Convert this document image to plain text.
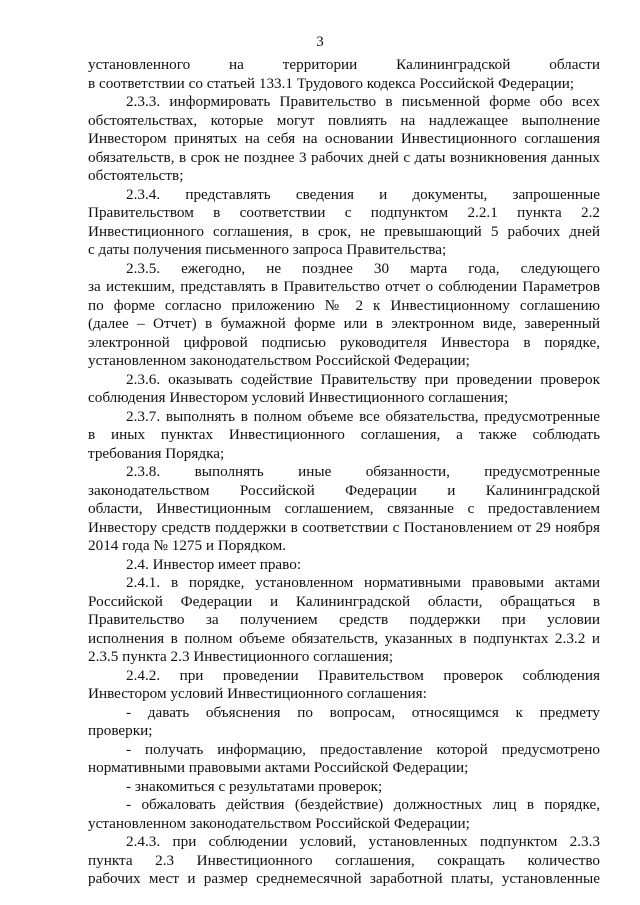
3
установленного на территории Калининградской области
в соответствии со статьей 133.1 Трудового кодекса Российской Федерации;
2.3.3. информировать Правительство в письменной форме обо всех
обстоятельствах, которые могут повлиять на надлежащее выполнение
Инвестором принятых на себя на основании Инвестиционного соглашения
обязательств, в срок не позднее 3 рабочих дней с даты возникновения данных
обстоятельств;
2.3.4. представлять сведения и документы, запрошенные
Правительством в соответствии с подпунктом 2.2.1 пункта 2.2
Инвестиционного соглашения, в срок, не превышающий 5 рабочих дней
с даты получения письменного запроса Правительства;
2.3.5. ежегодно, не позднее 30 марта года, следующего
за истекшим, представлять в Правительство отчет о соблюдении Параметров
по форме согласно приложению № 2 к Инвестиционному соглашению
(далее – Отчет) в бумажной форме или в электронном виде, заверенный
электронной цифровой подписью руководителя Инвестора в порядке,
установленном законодательством Российской Федерации;
2.3.6. оказывать содействие Правительству при проведении проверок
соблюдения Инвестором условий Инвестиционного соглашения;
2.3.7. выполнять в полном объеме все обязательства, предусмотренные
в иных пунктах Инвестиционного соглашения, а также соблюдать
требования Порядка;
2.3.8. выполнять иные обязанности, предусмотренные
законодательством Российской Федерации и Калининградской
области, Инвестиционным соглашением, связанные с предоставлением
Инвестору средств поддержки в соответствии с Постановлением от 29 ноября
2014 года № 1275 и Порядком.
2.4. Инвестор имеет право:
2.4.1. в порядке, установленном нормативными правовыми актами
Российской Федерации и Калининградской области, обращаться в
Правительство за получением средств поддержки при условии
исполнения в полном объеме обязательств, указанных в подпунктах 2.3.2 и
2.3.5 пункта 2.3 Инвестиционного соглашения;
2.4.2. при проведении Правительством проверок соблюдения
Инвестором условий Инвестиционного соглашения:
- давать объяснения по вопросам, относящимся к предмету
проверки;
- получать информацию, предоставление которой предусмотрено
нормативными правовыми актами Российской Федерации;
- знакомиться с результатами проверок;
- обжаловать действия (бездействие) должностных лиц в порядке,
установленном законодательством Российской Федерации;
2.4.3. при соблюдении условий, установленных подпунктом 2.3.3
пункта 2.3 Инвестиционного соглашения, сокращать количество
рабочих мест и размер среднемесячной заработной платы, установленные
